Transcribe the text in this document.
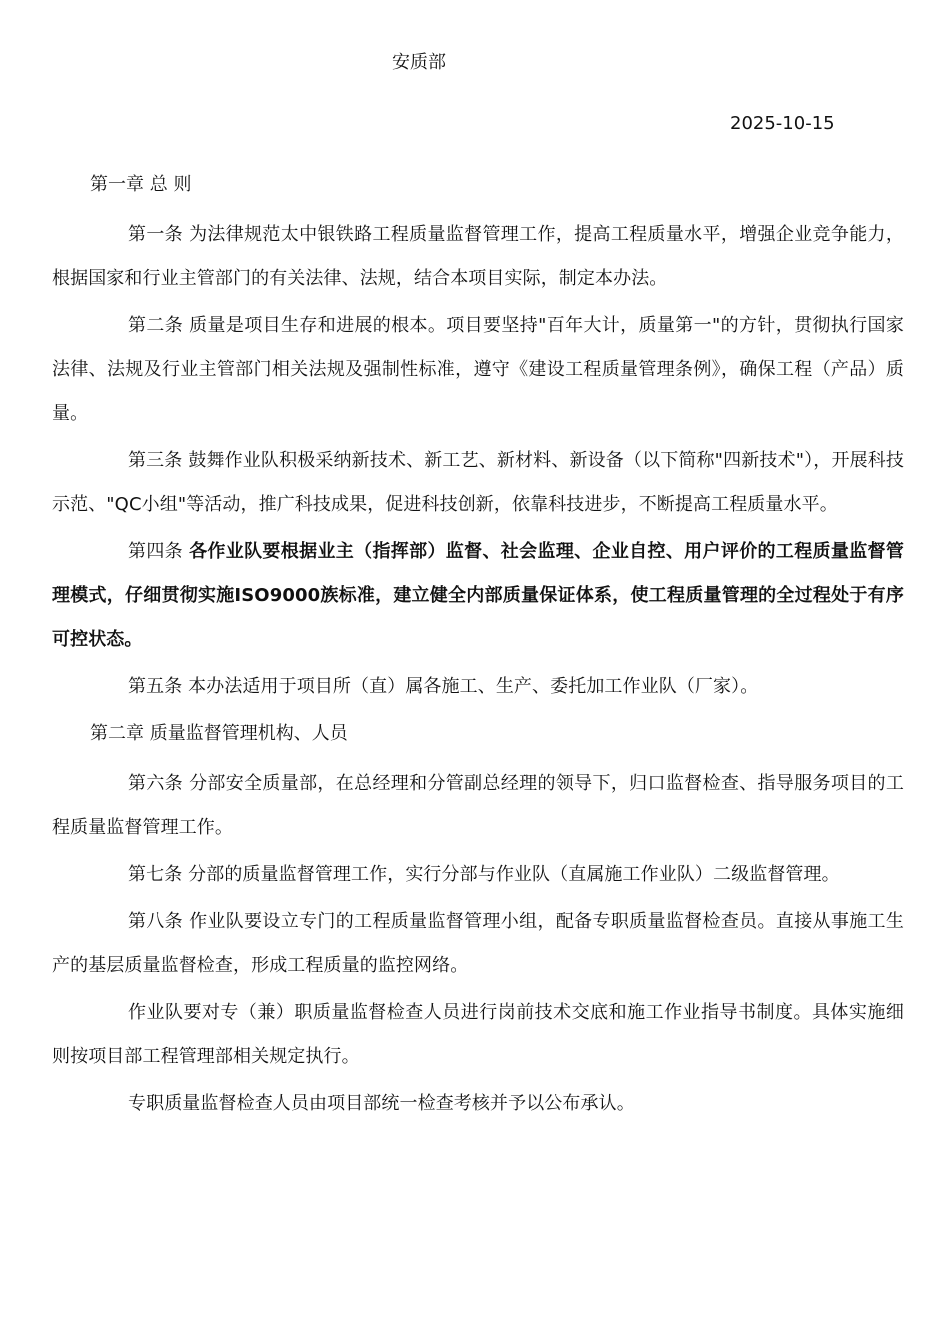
安质部
2025-10-15

第一章 总 则

第一条 为法律规范太中银铁路工程质量监督管理工作，提高工程质量水平，增强企业竞争能力，根据国家和行业主管部门的有关法律、法规，结合本项目实际，制定本办法。

第二条 质量是项目生存和进展的根本。项目要坚持"百年大计，质量第一"的方针，贯彻执行国家法律、法规及行业主管部门相关法规及强制性标准，遵守《建设工程质量管理条例》，确保工程（产品）质量。

第三条 鼓舞作业队积极采纳新技术、新工艺、新材料、新设备（以下简称"四新技术"），开展科技示范、"QC小组"等活动，推广科技成果，促进科技创新，依靠科技进步，不断提高工程质量水平。

第四条 各作业队要根据业主（指挥部）监督、社会监理、企业自控、用户评价的工程质量监督管理模式，仔细贯彻实施ISO9000族标准，建立健全内部质量保证体系，使工程质量管理的全过程处于有序可控状态。

第五条 本办法适用于项目所（直）属各施工、生产、委托加工作业队（厂家）。

第二章 质量监督管理机构、人员

第六条 分部安全质量部，在总经理和分管副总经理的领导下，归口监督检查、指导服务项目的工程质量监督管理工作。

第七条 分部的质量监督管理工作，实行分部与作业队（直属施工作业队）二级监督管理。

第八条 作业队要设立专门的工程质量监督管理小组，配备专职质量监督检查员。直接从事施工生产的基层质量监督检查，形成工程质量的监控网络。

作业队要对专（兼）职质量监督检查人员进行岗前技术交底和施工作业指导书制度。具体实施细则按项目部工程管理部相关规定执行。

专职质量监督检查人员由项目部统一检查考核并予以公布承认。
